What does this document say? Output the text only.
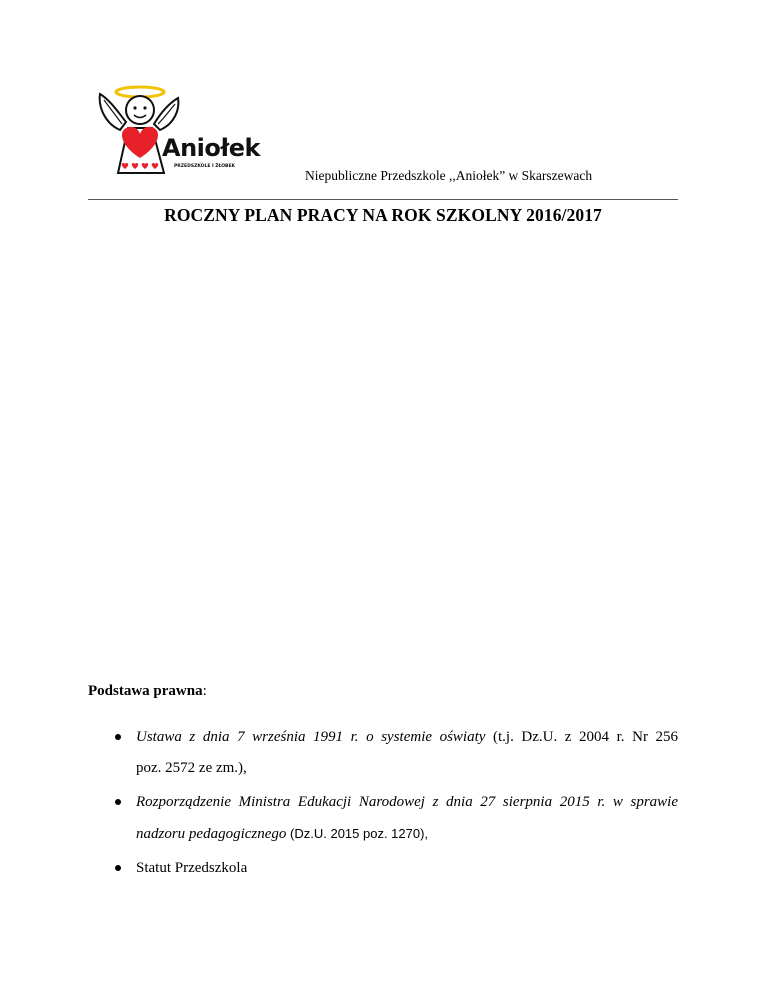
Aniołek
PRZEDSZKOLE I ŻŁOBEK
Niepubliczne Przedszkole ,,Aniołek” w Skarszewach
ROCZNY PLAN PRACY NA ROK SZKOLNY 2016/2017
Podstawa prawna:
Ustawa z dnia 7 września 1991 r. o systemie oświaty (t.j. Dz.U. z 2004 r. Nr 256
poz. 2572 ze zm.),
Rozporządzenie Ministra Edukacji Narodowej z dnia 27 sierpnia 2015 r. w sprawie
nadzoru pedagogicznego (Dz.U. 2015 poz. 1270),
Statut Przedszkola
